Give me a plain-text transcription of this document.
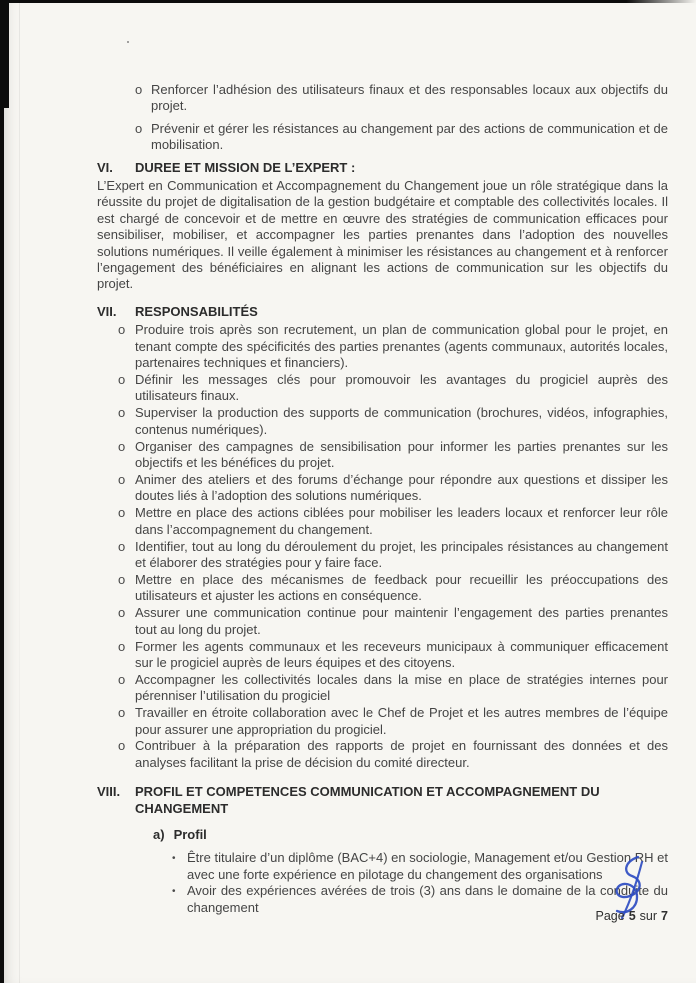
o Renforcer l’adhésion des utilisateurs finaux et des responsables locaux aux objectifs du projet.
o Prévenir et gérer les résistances au changement par des actions de communication et de mobilisation.
VI.	DUREE ET MISSION DE L’EXPERT :

L’Expert en Communication et Accompagnement du Changement joue un rôle stratégique dans la réussite du projet de digitalisation de la gestion budgétaire et comptable des collectivités locales. Il est chargé de concevoir et de mettre en œuvre des stratégies de communication efficaces pour sensibiliser, mobiliser, et accompagner les parties prenantes dans l’adoption des nouvelles solutions numériques. Il veille également à minimiser les résistances au changement et à renforcer l’engagement des bénéficiaires en alignant les actions de communication sur les objectifs du projet.

VII.	RESPONSABILITÉS
o Produire trois après son recrutement, un plan de communication global pour le projet, en tenant compte des spécificités des parties prenantes (agents communaux, autorités locales, partenaires techniques et financiers).
o Définir les messages clés pour promouvoir les avantages du progiciel auprès des utilisateurs finaux.
o Superviser la production des supports de communication (brochures, vidéos, infographies, contenus numériques).
o Organiser des campagnes de sensibilisation pour informer les parties prenantes sur les objectifs et les bénéfices du projet.
o Animer des ateliers et des forums d’échange pour répondre aux questions et dissiper les doutes liés à l’adoption des solutions numériques.
o Mettre en place des actions ciblées pour mobiliser les leaders locaux et renforcer leur rôle dans l’accompagnement du changement.
o Identifier, tout au long du déroulement du projet, les principales résistances au changement et élaborer des stratégies pour y faire face.
o Mettre en place des mécanismes de feedback pour recueillir les préoccupations des utilisateurs et ajuster les actions en conséquence.
o Assurer une communication continue pour maintenir l’engagement des parties prenantes tout au long du projet.
o Former les agents communaux et les receveurs municipaux à communiquer efficacement sur le progiciel auprès de leurs équipes et des citoyens.
o Accompagner les collectivités locales dans la mise en place de stratégies internes pour pérenniser l’utilisation du progiciel
o Travailler en étroite collaboration avec le Chef de Projet et les autres membres de l’équipe pour assurer une appropriation du progiciel.
o Contribuer à la préparation des rapports de projet en fournissant des données et des analyses facilitant la prise de décision du comité directeur.
VIII.	PROFIL ET COMPETENCES COMMUNICATION ET ACCOMPAGNEMENT DU CHANGEMENT
a) Profil
• Être titulaire d’un diplôme (BAC+4) en sociologie, Management et/ou Gestion RH et avec une forte expérience en pilotage du changement des organisations
• Avoir des expériences avérées de trois (3) ans dans le domaine de la conduite du changement
Page 5 sur 7
